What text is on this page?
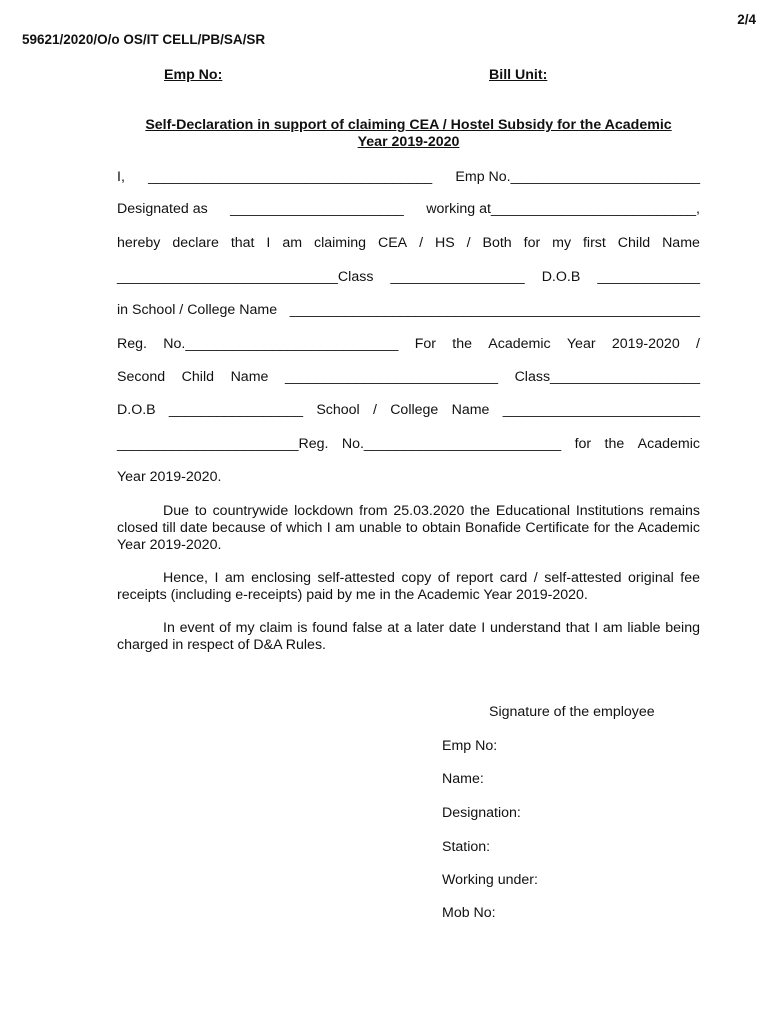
2/4
59621/2020/O/o OS/IT CELL/PB/SA/SR
Emp No:	Bill Unit:
Self-Declaration in support of claiming CEA / Hostel Subsidy for the Academic
Year 2019-2020
I, ____________________________________ Emp No.________________________
Designated as ______________________ working at__________________________,
hereby declare that I am claiming CEA / HS / Both for my first Child Name
____________________________Class _________________ D.O.B _____________
in School / College Name ____________________________________________________
Reg. No.___________________________ For the Academic Year 2019-2020 /
Second Child Name ___________________________ Class___________________
D.O.B _________________ School / College Name _________________________
_______________________Reg. No._________________________ for the Academic
Year 2019-2020.
Due to countrywide lockdown from 25.03.2020 the Educational Institutions remains closed till date because of which I am unable to obtain Bonafide Certificate for the Academic Year 2019-2020.
Hence, I am enclosing self-attested copy of report card / self-attested original fee receipts (including e-receipts) paid by me in the Academic Year 2019-2020.
In event of my claim is found false at a later date I understand that I am liable being charged in respect of D&A Rules.
Signature of the employee
Emp No:
Name:
Designation:
Station:
Working under:
Mob No:
